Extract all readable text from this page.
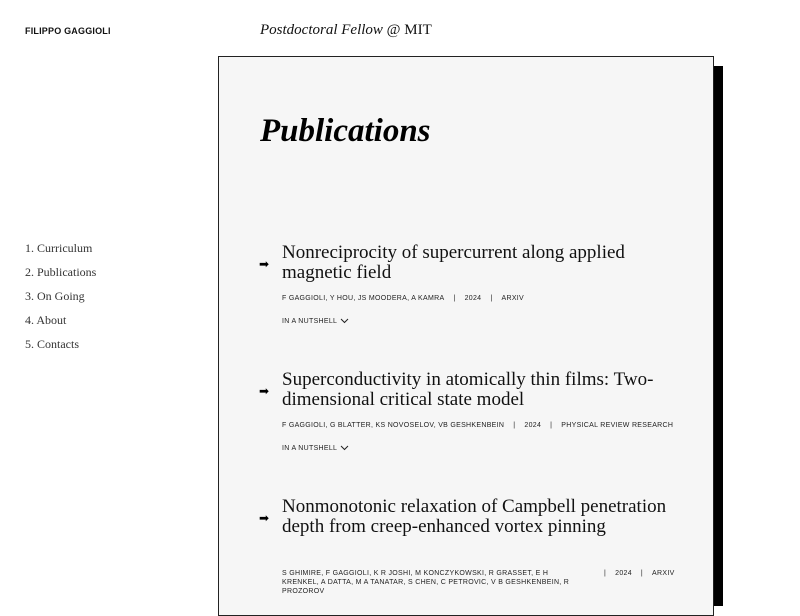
FILIPPO GAGGIOLI	Postdoctoral Fellow @ MIT
1. Curriculum
2. Publications
3. On Going
4. About
5. Contacts
Publications
➡
Nonreciprocity of supercurrent along applied magnetic field
F GAGGIOLI, Y HOU, JS MOODERA, A KAMRA | 2024 | ARXIV
IN A NUTSHELL
➡
Superconductivity in atomically thin films: Two-dimensional critical state model
F GAGGIOLI, G BLATTER, KS NOVOSELOV, VB GESHKENBEIN | 2024 | PHYSICAL REVIEW RESEARCH
IN A NUTSHELL
➡
Nonmonotonic relaxation of Campbell penetration depth from creep-enhanced vortex pinning
S GHIMIRE, F GAGGIOLI, K R JOSHI, M KONCZYKOWSKI, R GRASSET, E H KRENKEL, A DATTA, M A TANATAR, S CHEN, C PETROVIC, V B GESHKENBEIN, R PROZOROV
| 2024 | ARXIV
